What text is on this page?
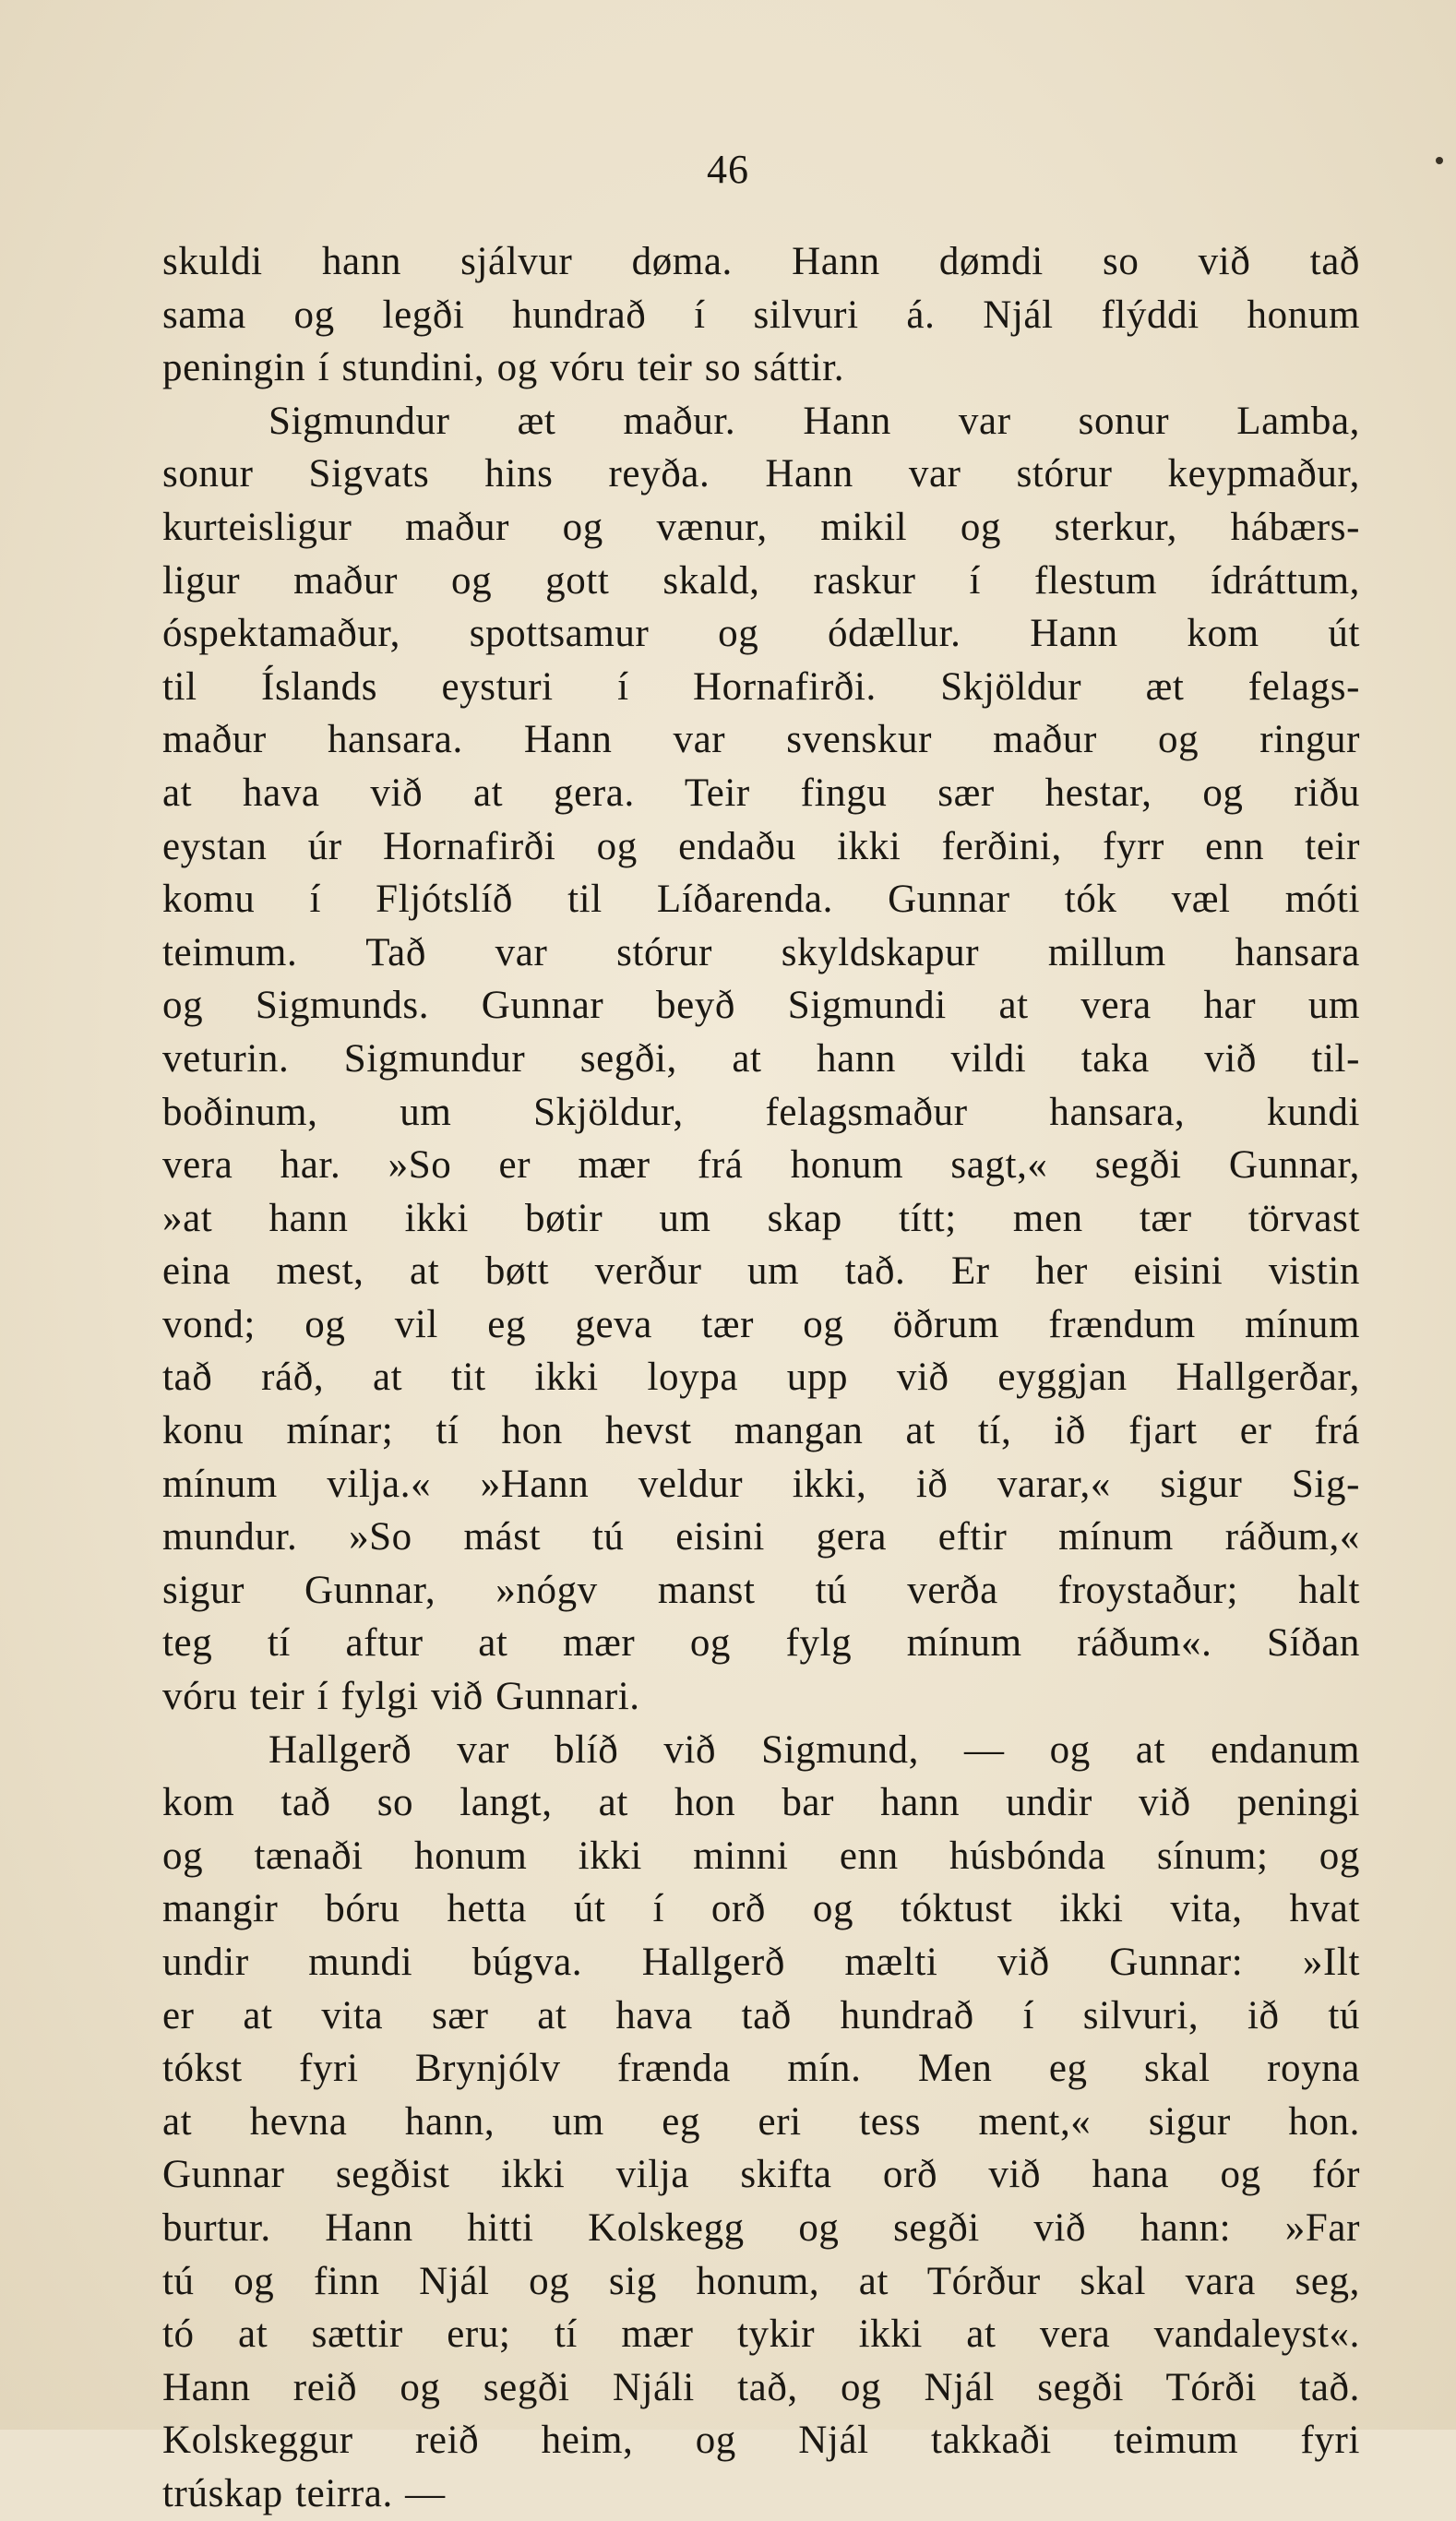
46
skuldi hann sjálvur døma. Hann dømdi so við tað
sama og legði hundrað í silvuri á. Njál flýddi honum
peningin í stundini, og vóru teir so sáttir.
Sigmundur æt maður. Hann var sonur Lamba,
sonur Sigvats hins reyða. Hann var stórur keypmaður,
kurteisligur maður og vænur, mikil og sterkur, hábærs-
ligur maður og gott skald, raskur í flestum ídráttum,
óspektamaður, spottsamur og ódællur. Hann kom út
til Íslands eysturi í Hornafirði. Skjöldur æt felags-
maður hansara. Hann var svenskur maður og ringur
at hava við at gera. Teir fingu sær hestar, og riðu
eystan úr Hornafirði og endaðu ikki ferðini, fyrr enn teir
komu í Fljótslíð til Líðarenda. Gunnar tók væl móti
teimum. Tað var stórur skyldskapur millum hansara
og Sigmunds. Gunnar beyð Sigmundi at vera har um
veturin. Sigmundur segði, at hann vildi taka við til-
boðinum, um Skjöldur, felagsmaður hansara, kundi
vera har. »So er mær frá honum sagt,« segði Gunnar,
»at hann ikki bøtir um skap títt; men tær törvast
eina mest, at bøtt verður um tað. Er her eisini vistin
vond; og vil eg geva tær og öðrum frændum mínum
tað ráð, at tit ikki loypa upp við eyggjan Hallgerðar,
konu mínar; tí hon hevst mangan at tí, ið fjart er frá
mínum vilja.« »Hann veldur ikki, ið varar,« sigur Sig-
mundur. »So mást tú eisini gera eftir mínum ráðum,«
sigur Gunnar, »nógv manst tú verða froystaður; halt
teg tí aftur at mær og fylg mínum ráðum«. Síðan
vóru teir í fylgi við Gunnari.
Hallgerð var blíð við Sigmund, — og at endanum
kom tað so langt, at hon bar hann undir við peningi
og tænaði honum ikki minni enn húsbónda sínum; og
mangir bóru hetta út í orð og tóktust ikki vita, hvat
undir mundi búgva. Hallgerð mælti við Gunnar: »Ilt
er at vita sær at hava tað hundrað í silvuri, ið tú
tókst fyri Brynjólv frænda mín. Men eg skal royna
at hevna hann, um eg eri tess ment,« sigur hon.
Gunnar segðist ikki vilja skifta orð við hana og fór
burtur. Hann hitti Kolskegg og segði við hann: »Far
tú og finn Njál og sig honum, at Tórður skal vara seg,
tó at sættir eru; tí mær tykir ikki at vera vandaleyst«.
Hann reið og segði Njáli tað, og Njál segði Tórði tað.
Kolskeggur reið heim, og Njál takkaði teimum fyri
trúskap teirra. —
